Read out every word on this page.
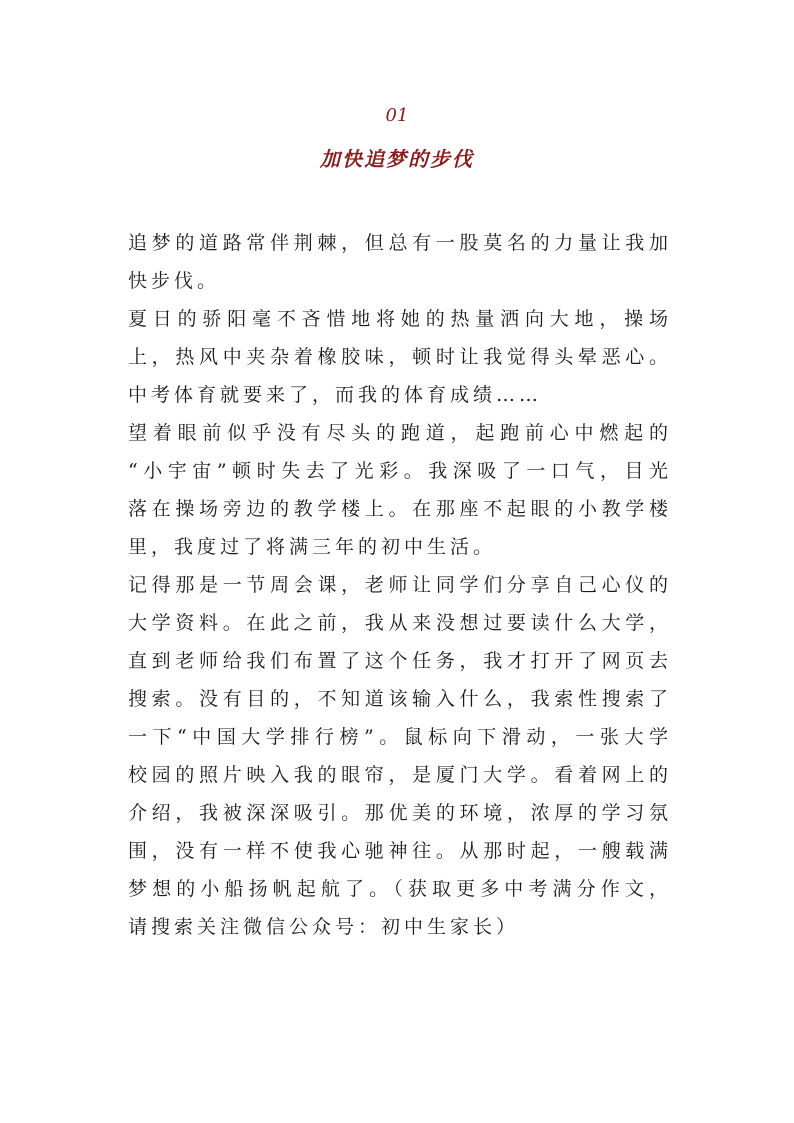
01
加快追梦的步伐
追梦的道路常伴荆棘，但总有一股莫名的力量让我加
快步伐。
夏日的骄阳毫不吝惜地将她的热量洒向大地，操场
上，热风中夹杂着橡胶味，顿时让我觉得头晕恶心。
中考体育就要来了，而我的体育成绩……
望着眼前似乎没有尽头的跑道，起跑前心中燃起的
“小宇宙”顿时失去了光彩。我深吸了一口气，目光
落在操场旁边的教学楼上。在那座不起眼的小教学楼
里，我度过了将满三年的初中生活。
记得那是一节周会课，老师让同学们分享自己心仪的
大学资料。在此之前，我从来没想过要读什么大学，
直到老师给我们布置了这个任务，我才打开了网页去
搜索。没有目的，不知道该输入什么，我索性搜索了
一下“中国大学排行榜”。鼠标向下滑动，一张大学
校园的照片映入我的眼帘，是厦门大学。看着网上的
介绍，我被深深吸引。那优美的环境，浓厚的学习氛
围，没有一样不使我心驰神往。从那时起，一艘载满
梦想的小船扬帆起航了。（获取更多中考满分作文，
请搜索关注微信公众号：初中生家长）
